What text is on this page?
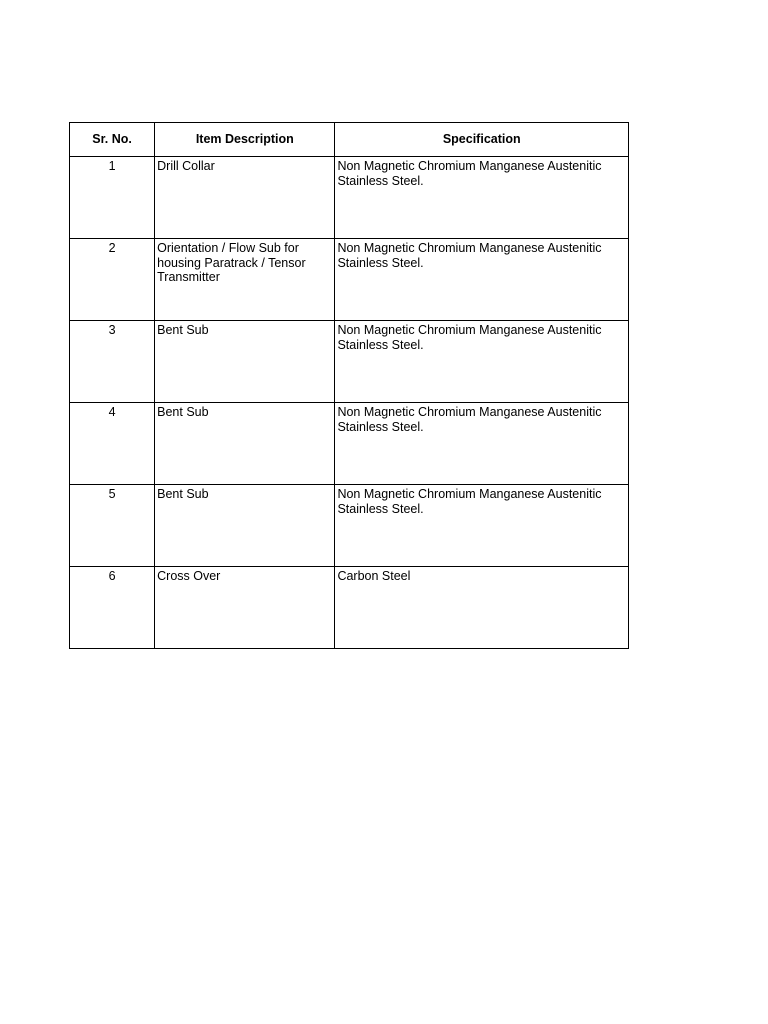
Sr. No.	Item Description	Specification
1	Drill Collar	Non Magnetic Chromium Manganese Austenitic Stainless Steel.
2	Orientation / Flow Sub for housing Paratrack / Tensor Transmitter	Non Magnetic Chromium Manganese Austenitic Stainless Steel.
3	Bent Sub	Non Magnetic Chromium Manganese Austenitic Stainless Steel.
4	Bent Sub	Non Magnetic Chromium Manganese Austenitic Stainless Steel.
5	Bent Sub	Non Magnetic Chromium Manganese Austenitic Stainless Steel.
6	Cross Over	Carbon Steel
